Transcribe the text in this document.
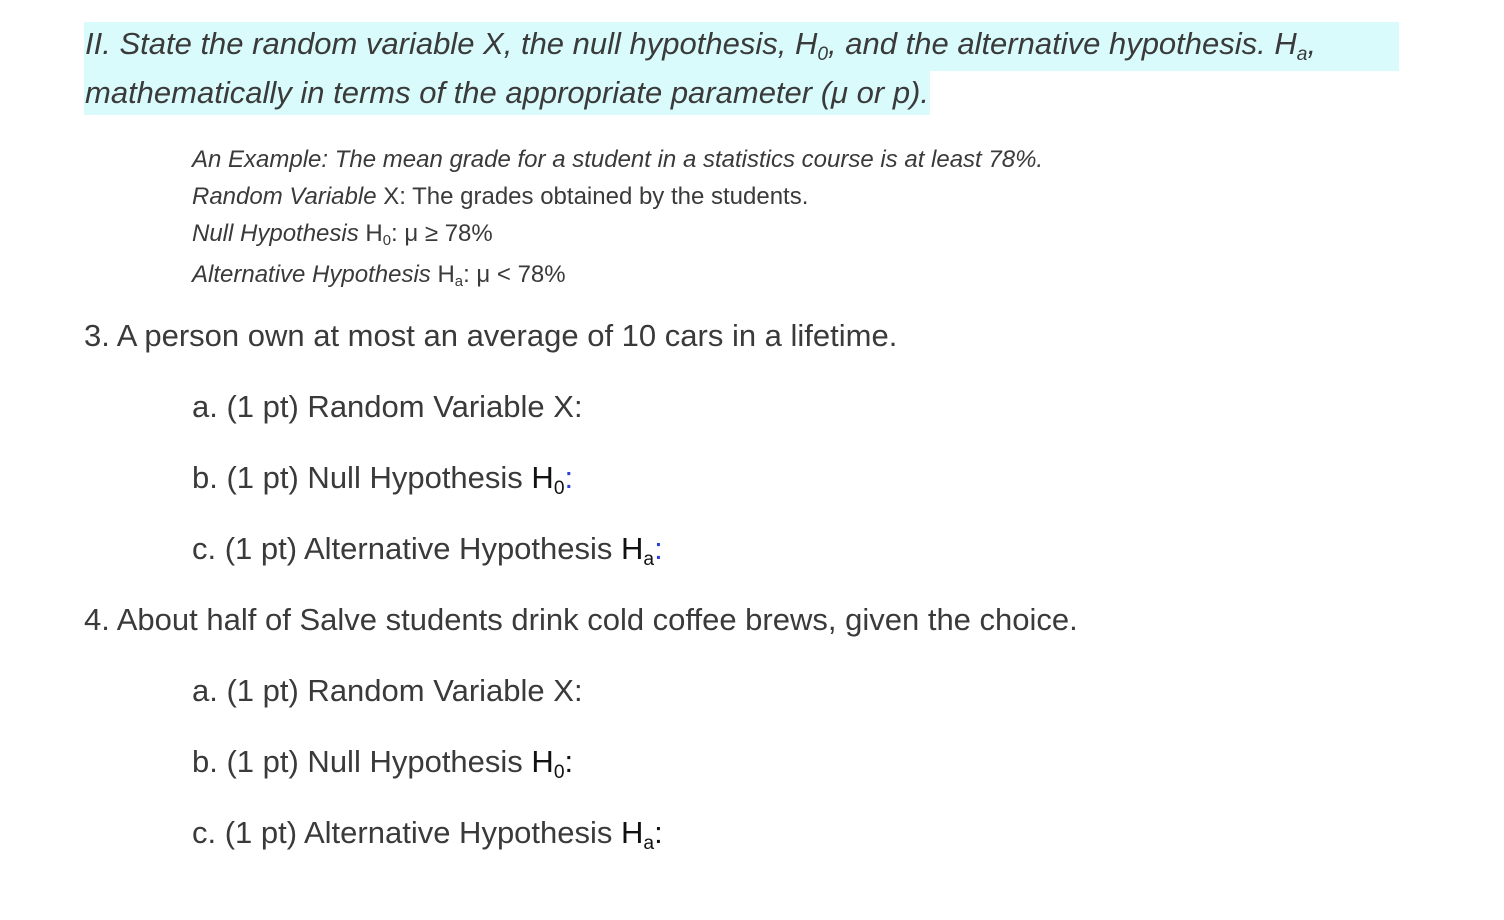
II. State the random variable X, the null hypothesis, H0, and the alternative hypothesis. Ha,
mathematically in terms of the appropriate parameter (μ or p).
An Example: The mean grade for a student in a statistics course is at least 78%.
Random Variable X: The grades obtained by the students.
Null Hypothesis H0: μ ≥ 78%
Alternative Hypothesis Ha: μ < 78%
3. A person own at most an average of 10 cars in a lifetime.
a. (1 pt) Random Variable X:
b. (1 pt) Null Hypothesis H0:
c. (1 pt) Alternative Hypothesis Ha:
4. About half of Salve students drink cold coffee brews, given the choice.
a. (1 pt) Random Variable X:
b. (1 pt) Null Hypothesis H0:
c. (1 pt) Alternative Hypothesis Ha:
